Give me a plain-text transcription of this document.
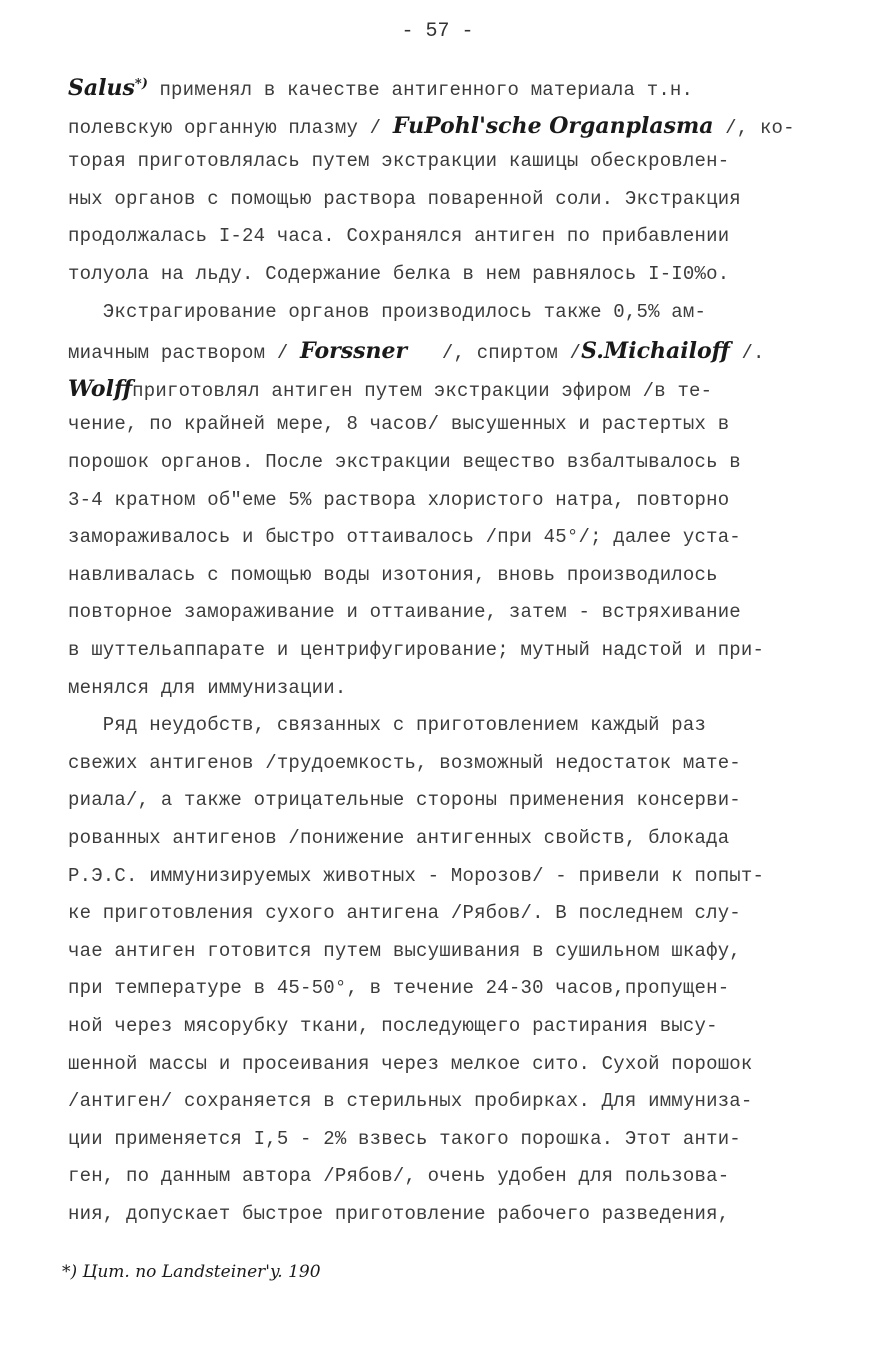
- 57 -
Salus*) применял в качестве антигенного материала т.н.
полевскую органную плазму / FuPohl'sche Organplasma /, ко-
торая приготовлялась путем экстракции кашицы обескровлен-
ных органов с помощью раствора поваренной соли. Экстракция
продолжалась I-24 часа. Сохранялся антиген по прибавлении
толуола на льду. Содержание белка в нем равнялось I-I0%о.
Экстрагирование органов производилось также 0,5% ам-
миачным раствором / Forssner   /, спиртом /S.Michailoff /.
Wolffприготовлял антиген путем экстракции эфиром /в те-
чение, по крайней мере, 8 часов/ высушенных и растертых в
порошок органов. После экстракции вещество взбалтывалось в
3-4 кратном об"еме 5% раствора хлористого натра, повторно
замораживалось и быстро оттаивалось /при 45°/; далее уста-
навливалась с помощью воды изотония, вновь производилось
повторное замораживание и оттаивание, затем - встряхивание
в шуттельаппарате и центрифугирование; мутный надстой и при-
менялся для иммунизации.
Ряд неудобств, связанных с приготовлением каждый раз
свежих антигенов /трудоемкость, возможный недостаток мате-
риала/, а также отрицательные стороны применения консерви-
рованных антигенов /понижение антигенных свойств, блокада
Р.Э.С. иммунизируемых животных - Морозов/ - привели к попыт-
ке приготовления сухого антигена /Рябов/. В последнем слу-
чае антиген готовится путем высушивания в сушильном шкафу,
при температуре в 45-50°, в течение 24-30 часов,пропущен-
ной через мясорубку ткани, последующего растирания высу-
шенной массы и просеивания через мелкое сито. Сухой порошок
/антиген/ сохраняется в стерильных пробирках. Для иммуниза-
ции применяется I,5 - 2% взвесь такого порошка. Этот анти-
ген, по данным автора /Рябов/, очень удобен для пользова-
ния, допускает быстрое приготовление рабочего разведения,
*) Цит. по Landsteiner'y. 190
